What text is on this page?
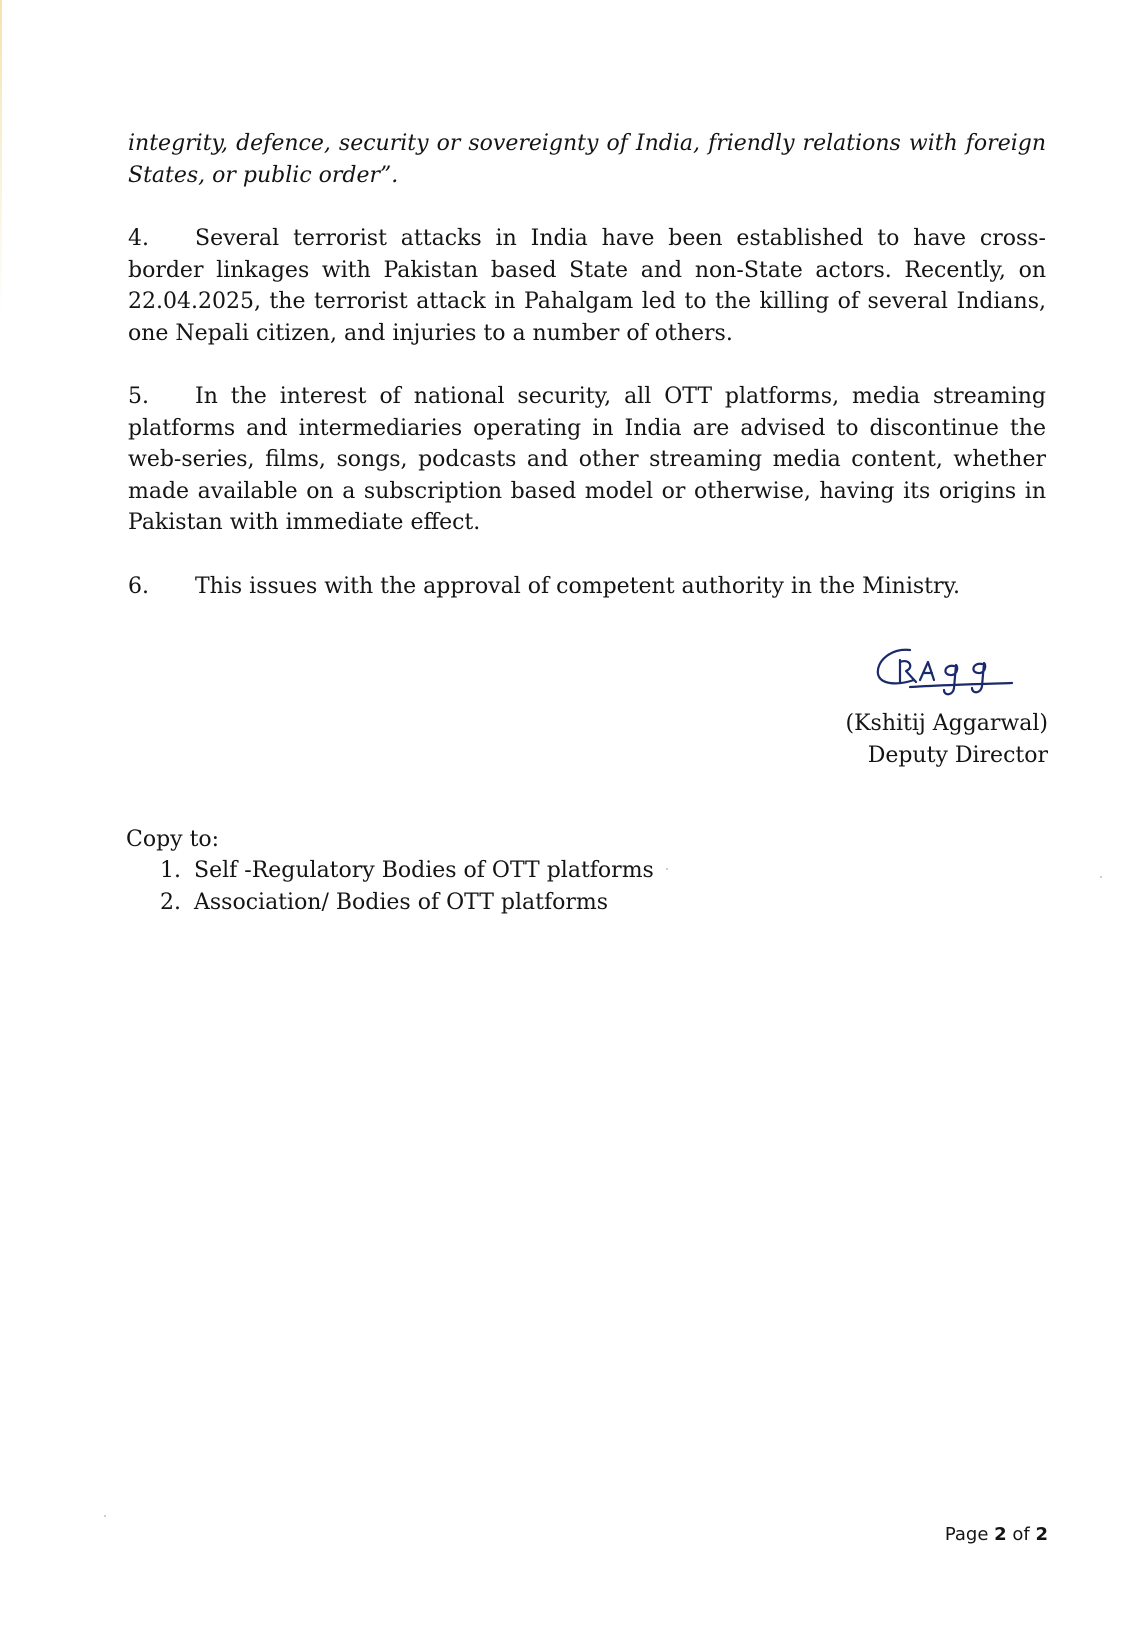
integrity, defence, security or sovereignty of India, friendly relations with foreign States, or public order”.

4. Several terrorist attacks in India have been established to have cross-border linkages with Pakistan based State and non-State actors. Recently, on 22.04.2025, the terrorist attack in Pahalgam led to the killing of several Indians, one Nepali citizen, and injuries to a number of others.

5. In the interest of national security, all OTT platforms, media streaming platforms and intermediaries operating in India are advised to discontinue the web-series, films, songs, podcasts and other streaming media content, whether made available on a subscription based model or otherwise, having its origins in Pakistan with immediate effect.

6. This issues with the approval of competent authority in the Ministry.

(Kshitij Aggarwal)
Deputy Director
Copy to:
1. Self -Regulatory Bodies of OTT platforms
2. Association/ Bodies of OTT platforms
Page 2 of 2
